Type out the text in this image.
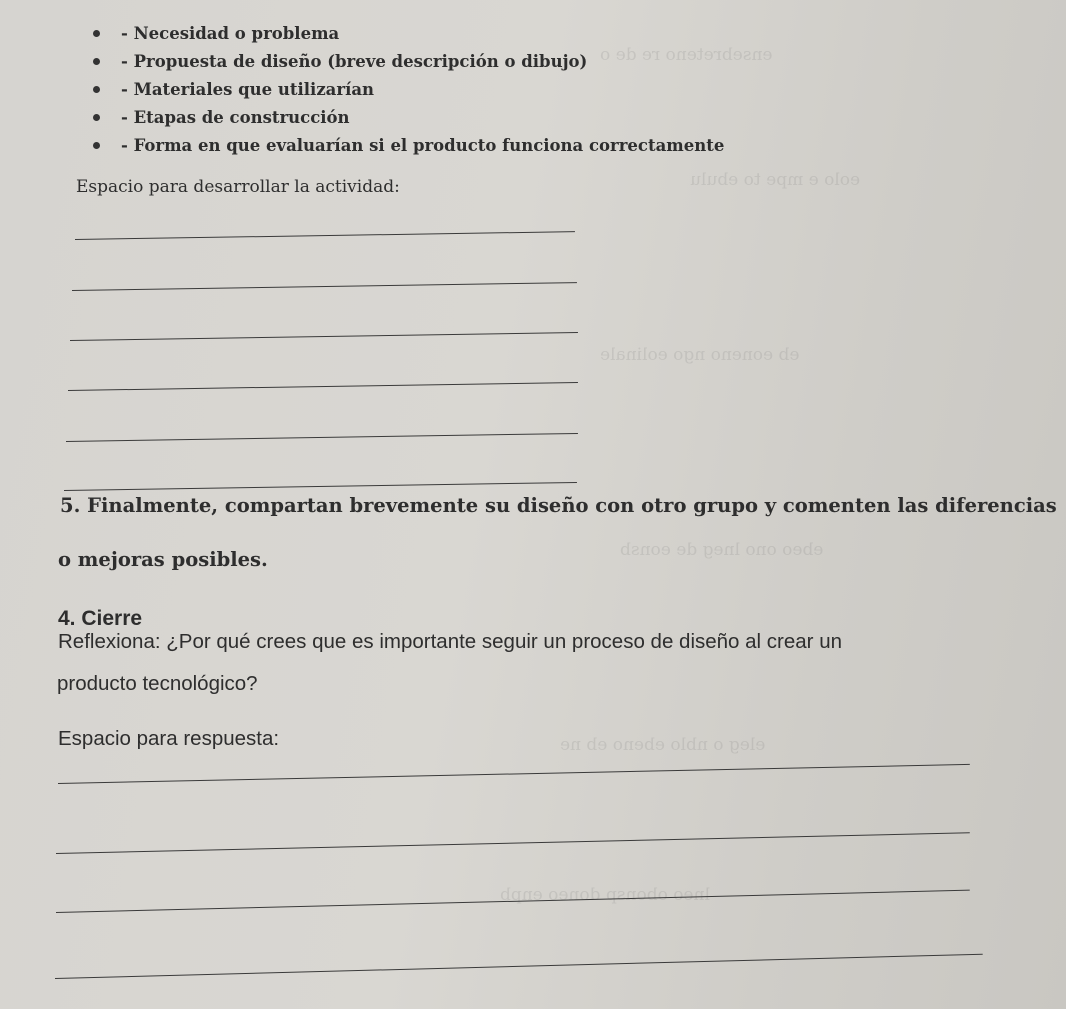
ensebreteno re de o
eolo e mpe to ebulu
eb eoneno ngo eolinale
ebeo ono lneg de eonsb
eleg o nblo ebeno eb ne
lneo obonsp doneo enpb
- Necesidad o problema
- Propuesta de diseño (breve descripción o dibujo)
- Materiales que utilizarían
- Etapas de construcción
- Forma en que evaluarían si el producto funciona correctamente
Espacio para desarrollar la actividad:
5. Finalmente, compartan brevemente su diseño con otro grupo y comenten las diferencias
o mejoras posibles.
4. Cierre
Reflexiona: ¿Por qué crees que es importante seguir un proceso de diseño al crear un
producto tecnológico?
Espacio para respuesta:
